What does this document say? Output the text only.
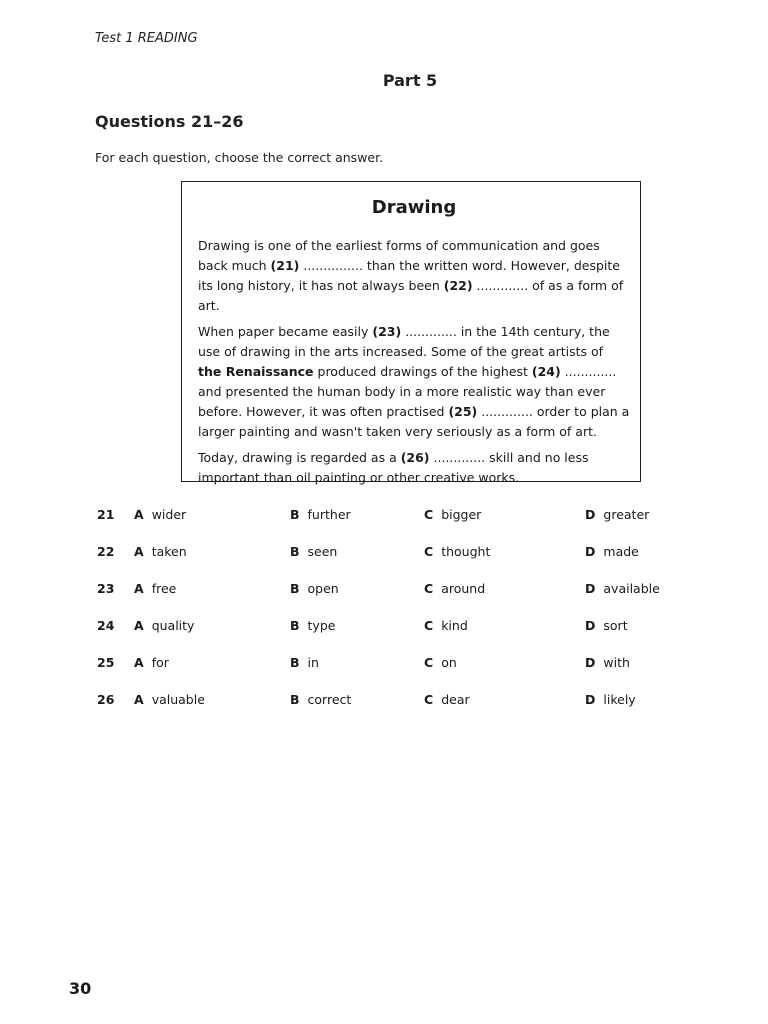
Test 1 READING
Part 5
Questions 21–26
For each question, choose the correct answer.
Drawing

Drawing is one of the earliest forms of communication and goes back much (21) ............... than the written word. However, despite its long history, it has not always been (22) ............. of as a form of art.

When paper became easily (23) ............. in the 14th century, the use of drawing in the arts increased. Some of the great artists of the Renaissance produced drawings of the highest (24) ............. and presented the human body in a more realistic way than ever before. However, it was often practised (25) ............. order to plan a larger painting and wasn't taken very seriously as a form of art.

Today, drawing is regarded as a (26) ............. skill and no less important than oil painting or other creative works.

21 A wider	B further	C bigger	D greater
22 A taken	B seen	C thought	D made
23 A free	B open	C around	D available
24 A quality	B type	C kind	D sort
25 A for	B in	C on	D with
26 A valuable	B correct	C dear	D likely
30
